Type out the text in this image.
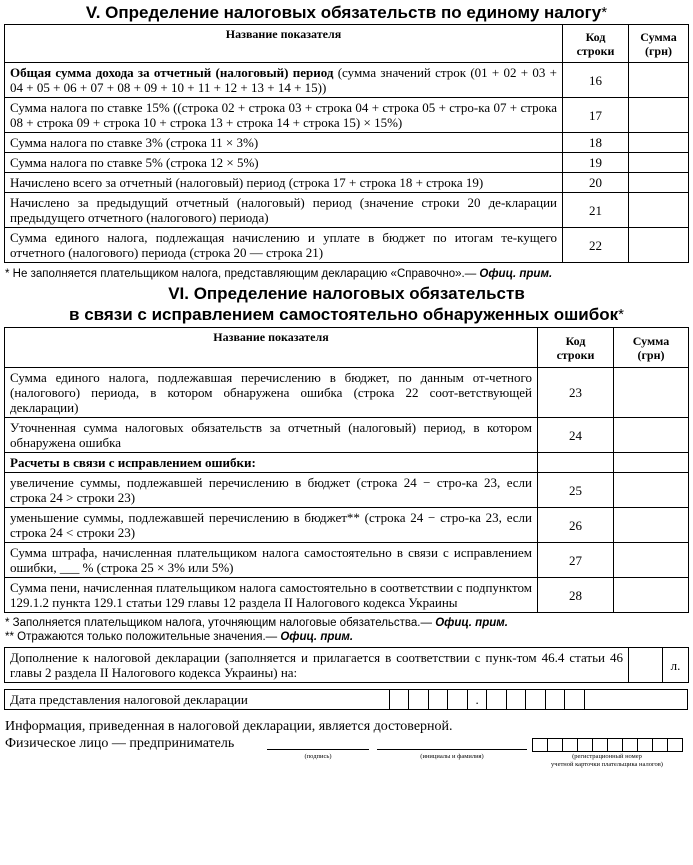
V. Определение налоговых обязательств по единому налогу*
Название показателя	Код
строки	Сумма
(грн)
Общая сумма дохода за отчетный (налоговый) период (сумма значений строк (01 + 02 + 03 + 04 + 05 + 06 + 07 + 08 + 09 + 10 + 11 + 12 + 13 + 14 + 15))	16	
Сумма налога по ставке 15% ((строка 02 + строка 03 + строка 04 + строка 05 + стро-ка 07 + строка 08 + строка 09 + строка 10 + строка 13 + строка 14 + строка 15) × 15%)	17	
Сумма налога по ставке 3% (строка 11 × 3%)	18	
Сумма налога по ставке 5% (строка 12 × 5%)	19	
Начислено всего за отчетный (налоговый) период (строка 17 + строка 18 + строка 19)	20	
Начислено за предыдущий отчетный (налоговый) период (значение строки 20 де-кларации предыдущего отчетного (налогового) периода)	21	
Сумма единого налога, подлежащая начислению и уплате в бюджет по итогам те-кущего отчетного (налогового) периода (строка 20 — строка 21)	22	
* Не заполняется плательщиком налога, представляющим декларацию «Справочно».— Офиц. прим.
VI. Определение налоговых обязательств
в связи с исправлением самостоятельно обнаруженных ошибок*
Название показателя	Код
строки	Сумма
(грн)
Сумма единого налога, подлежавшая перечислению в бюджет, по данным от-четного (налогового) периода, в котором обнаружена ошибка (строка 22 соот-ветствующей декларации)	23	
Уточненная сумма налоговых обязательств за отчетный (налоговый) период, в котором обнаружена ошибка	24	
Расчеты в связи с исправлением ошибки:		
увеличение суммы, подлежавшей перечислению в бюджет (строка 24 − стро-ка 23, если строка 24 > строки 23)	25	
уменьшение суммы, подлежавшей перечислению в бюджет** (строка 24 − стро-ка 23, если строка 24 < строки 23)	26	
Сумма штрафа, начисленная плательщиком налога самостоятельно в связи с исправлением ошибки, ___ % (строка 25 × 3% или 5%)	27	
Сумма пени, начисленная плательщиком налога самостоятельно в соответствии с подпунктом 129.1.2 пункта 129.1 статьи 129 главы 12 раздела II Налогового кодекса Украины	28	
* Заполняется плательщиком налога, уточняющим налоговые обязательства.— Офиц. прим.
** Отражаются только положительные значения.— Офиц. прим.
Дополнение к налоговой декларации (заполняется и прилагается в соответствии с пунк-том 46.4 статьи 46 главы 2 раздела II Налогового кодекса Украины) на:		л.
Дата представления налоговой декларации					.						
Информация, приведенная в налоговой декларации, является достоверной.
Физическое лицо — предприниматель
(подпись)	(инициалы и фамилия)	(регистрационный номер
учетной карточки плательщика налогов)
